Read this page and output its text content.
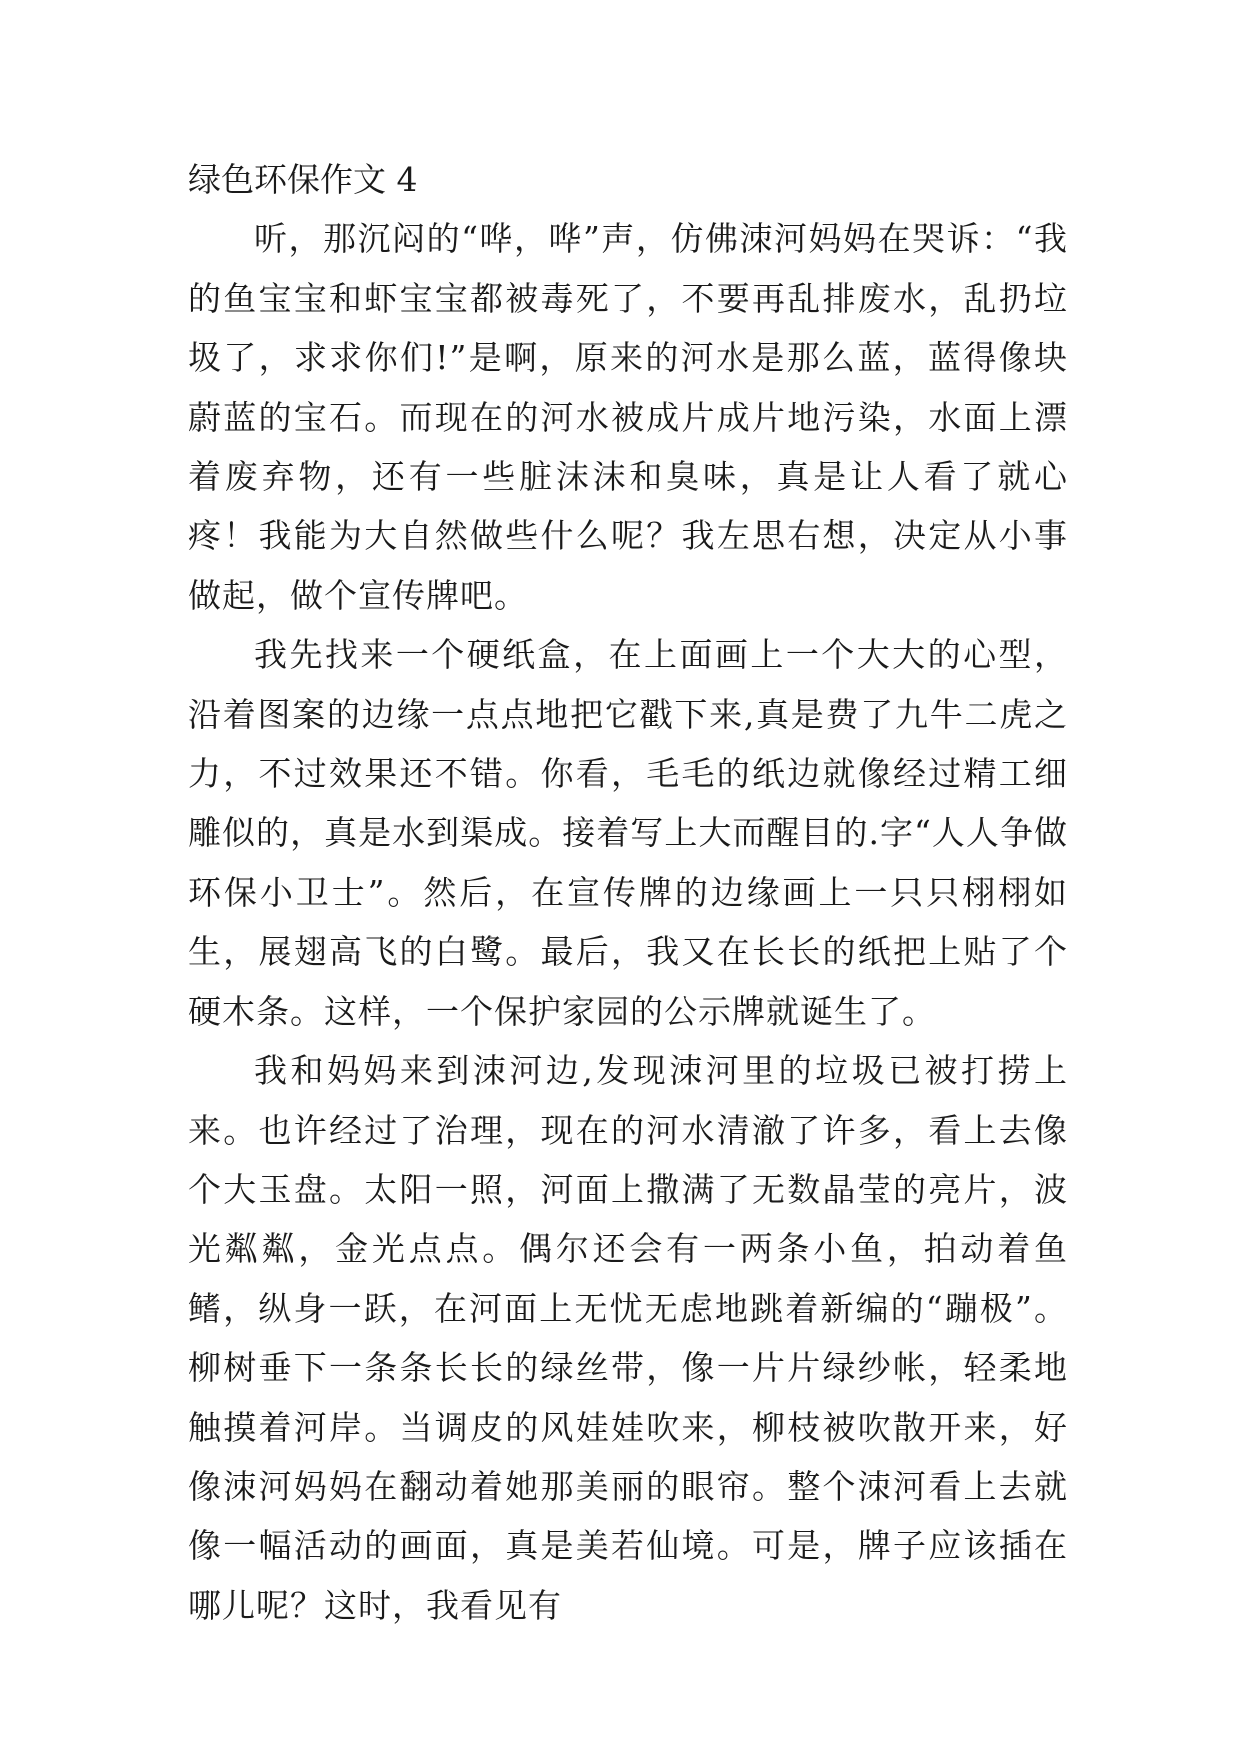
绿色环保作文 4

听，那沉闷的“哗，哗”声，仿佛洓河妈妈在哭诉：“我的鱼宝宝和虾宝宝都被毒死了，不要再乱排废水，乱扔垃圾了，求求你们!”是啊，原来的河水是那么蓝，蓝得像块蔚蓝的宝石。而现在的河水被成片成片地污染，水面上漂着废弃物，还有一些脏沫沫和臭味，真是让人看了就心疼！我能为大自然做些什么呢？我左思右想，决定从小事做起，做个宣传牌吧。

我先找来一个硬纸盒，在上面画上一个大大的心型，沿着图案的边缘一点点地把它戳下来,真是费了九牛二虎之力，不过效果还不错。你看，毛毛的纸边就像经过精工细雕似的，真是水到渠成。接着写上大而醒目的.字“人人争做环保小卫士”。然后，在宣传牌的边缘画上一只只栩栩如生，展翅高飞的白鹭。最后，我又在长长的纸把上贴了个硬木条。这样，一个保护家园的公示牌就诞生了。

我和妈妈来到洓河边,发现洓河里的垃圾已被打捞上来。也许经过了治理，现在的河水清澈了许多，看上去像个大玉盘。太阳一照，河面上撒满了无数晶莹的亮片，波光粼粼，金光点点。偶尔还会有一两条小鱼，拍动着鱼鳍，纵身一跃，在河面上无忧无虑地跳着新编的“蹦极”。柳树垂下一条条长长的绿丝带，像一片片绿纱帐，轻柔地触摸着河岸。当调皮的风娃娃吹来，柳枝被吹散开来，好像洓河妈妈在翻动着她那美丽的眼帘。整个洓河看上去就像一幅活动的画面，真是美若仙境。可是，牌子应该插在哪儿呢？这时，我看见有
